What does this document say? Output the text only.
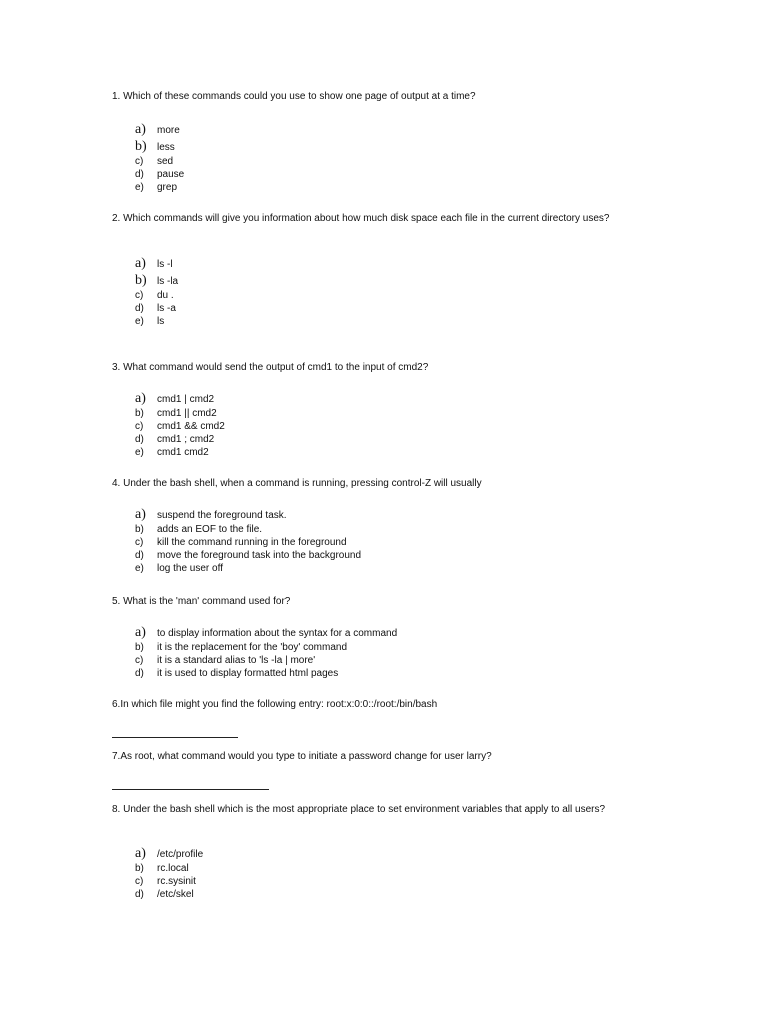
1. Which of these commands could you use to show one page of output at a time?
a)	more
b)	less
c)	sed
d)	pause
e)	grep
2. Which commands will give you information about how much disk space each file in the current directory uses?
a)	ls -l
b)	ls -la
c)	du .
d)	ls -a
e)	ls
3. What command would send the output of cmd1 to the input of cmd2?
a)	cmd1 | cmd2
b)	cmd1 || cmd2
c)	cmd1 && cmd2
d)	cmd1 ; cmd2
e)	cmd1 cmd2
4. Under the bash shell, when a command is running, pressing control-Z will usually
a)	suspend the foreground task.
b)	adds an EOF to the file.
c)	kill the command running in the foreground
d)	move the foreground task into the background
e)	log the user off
5. What is the 'man' command used for?
a)	to display information about the syntax for a command
b)	it is the replacement for the 'boy' command
c)	it is a standard alias to 'ls -la | more'
d)	it is used to display formatted html pages
6.In which file might you find the following entry: root:x:0:0::/root:/bin/bash
7.As root, what command would you type to initiate a password change for user larry?
8. Under the bash shell which is the most appropriate place to set environment variables that apply to all users?
a)	/etc/profile
b)	rc.local
c)	rc.sysinit
d)	/etc/skel
